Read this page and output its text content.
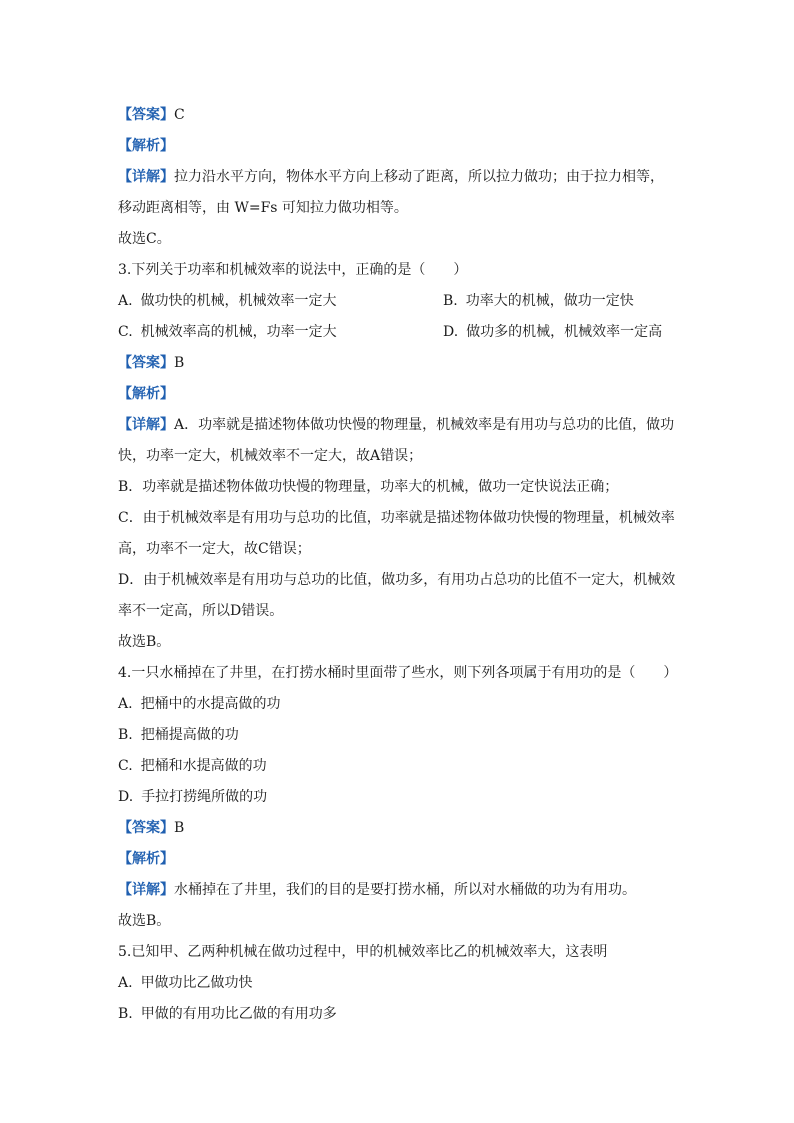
【答案】C
【解析】
【详解】拉力沿水平方向，物体水平方向上移动了距离，所以拉力做功；由于拉力相等，
移动距离相等，由 W=Fs 可知拉力做功相等。
故选C。
3.下列关于功率和机械效率的说法中，正确的是（　　）
A. 做功快的机械，机械效率一定大	B. 功率大的机械，做功一定快
C. 机械效率高的机械，功率一定大	D. 做功多的机械，机械效率一定高
【答案】B
【解析】
【详解】A．功率就是描述物体做功快慢的物理量，机械效率是有用功与总功的比值，做功
快，功率一定大，机械效率不一定大，故A错误；
B．功率就是描述物体做功快慢的物理量，功率大的机械，做功一定快说法正确；
C．由于机械效率是有用功与总功的比值，功率就是描述物体做功快慢的物理量，机械效率
高，功率不一定大，故C错误；
D．由于机械效率是有用功与总功的比值，做功多，有用功占总功的比值不一定大，机械效
率不一定高，所以D错误。
故选B。
4.一只水桶掉在了井里，在打捞水桶时里面带了些水，则下列各项属于有用功的是（　　）
A. 把桶中的水提高做的功
B. 把桶提高做的功
C. 把桶和水提高做的功
D. 手拉打捞绳所做的功
【答案】B
【解析】
【详解】水桶掉在了井里，我们的目的是要打捞水桶，所以对水桶做的功为有用功。
故选B。
5.已知甲、乙两种机械在做功过程中，甲的机械效率比乙的机械效率大，这表明
A. 甲做功比乙做功快
B. 甲做的有用功比乙做的有用功多
